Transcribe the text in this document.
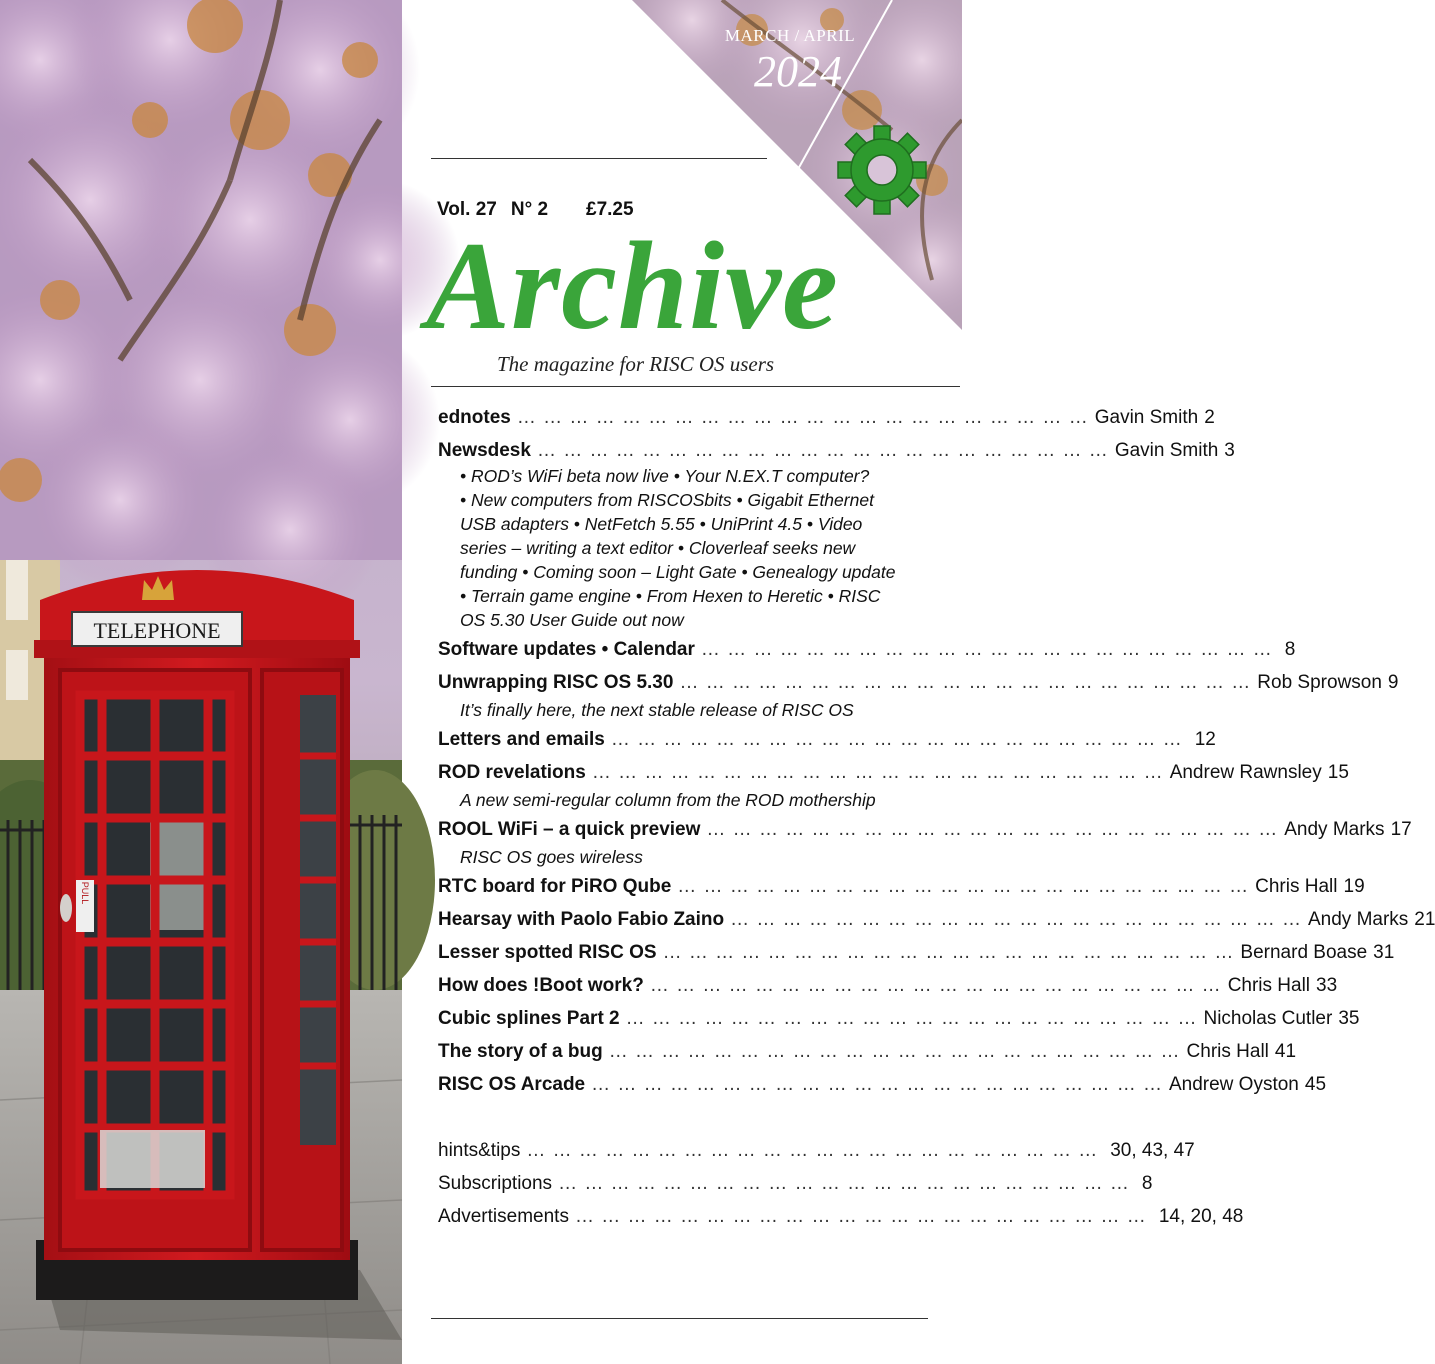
TELEPHONE
PULL
MARCH / APRIL
2024
Vol. 27 N° 2 £7.25
Archive
The magazine for RISC OS users
ednotes … … … … … … … … … … … … … … … … … … … … … … Gavin Smith 2
Newsdesk … … … … … … … … … … … … … … … … … … … … … … Gavin Smith 3
• ROD’s WiFi beta now live • Your N.EX.T computer?
• New computers from RISCOSbits • Gigabit Ethernet
USB adapters • NetFetch 5.55 • UniPrint 4.5 • Video
series – writing a text editor • Cloverleaf seeks new
funding • Coming soon – Light Gate • Genealogy update
• Terrain game engine • From Hexen to Heretic • RISC
OS 5.30 User Guide out now
Software updates • Calendar … … … … … … … … … … … … … … … … … … … … … … 8
Unwrapping RISC OS 5.30 … … … … … … … … … … … … … … … … … … … … … … Rob Sprowson 9
It’s finally here, the next stable release of RISC OS
Letters and emails … … … … … … … … … … … … … … … … … … … … … … 12
ROD revelations … … … … … … … … … … … … … … … … … … … … … … Andrew Rawnsley 15
A new semi-regular column from the ROD mothership
ROOL WiFi – a quick preview … … … … … … … … … … … … … … … … … … … … … … Andy Marks 17
RISC OS goes wireless
RTC board for PiRO Qube … … … … … … … … … … … … … … … … … … … … … … Chris Hall 19
Hearsay with Paolo Fabio Zaino … … … … … … … … … … … … … … … … … … … … … … Andy Marks 21
Lesser spotted RISC OS … … … … … … … … … … … … … … … … … … … … … … Bernard Boase 31
How does !Boot work? … … … … … … … … … … … … … … … … … … … … … … Chris Hall 33
Cubic splines Part 2 … … … … … … … … … … … … … … … … … … … … … … Nicholas Cutler 35
The story of a bug … … … … … … … … … … … … … … … … … … … … … … Chris Hall 41
RISC OS Arcade … … … … … … … … … … … … … … … … … … … … … … Andrew Oyston 45
hints&tips … … … … … … … … … … … … … … … … … … … … … … 30, 43, 47
Subscriptions … … … … … … … … … … … … … … … … … … … … … … 8
Advertisements … … … … … … … … … … … … … … … … … … … … … … 14, 20, 48
